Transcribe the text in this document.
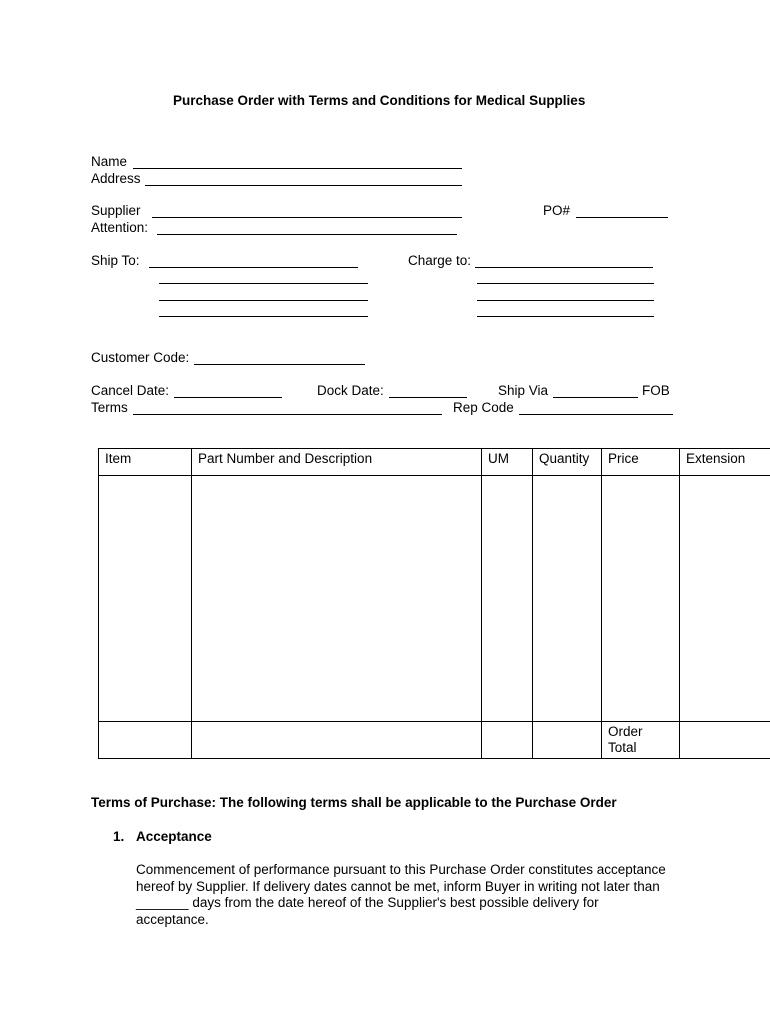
Purchase Order with Terms and Conditions for Medical Supplies
Name
Address
Supplier
Attention:
PO#
Ship To:	Charge to:
Customer Code:
Cancel Date:	Dock Date:	Ship Via	FOB
Terms	Rep Code
Item	Part Number and Description	UM	Quantity	Price	Extension

				Order
Total	

Terms of Purchase: The following terms shall be applicable to the Purchase Order
1. Acceptance
Commencement of performance pursuant to this Purchase Order constitutes acceptance
hereof by Supplier. If delivery dates cannot be met, inform Buyer in writing not later than
_______ days from the date hereof of the Supplier's best possible delivery for
acceptance.
